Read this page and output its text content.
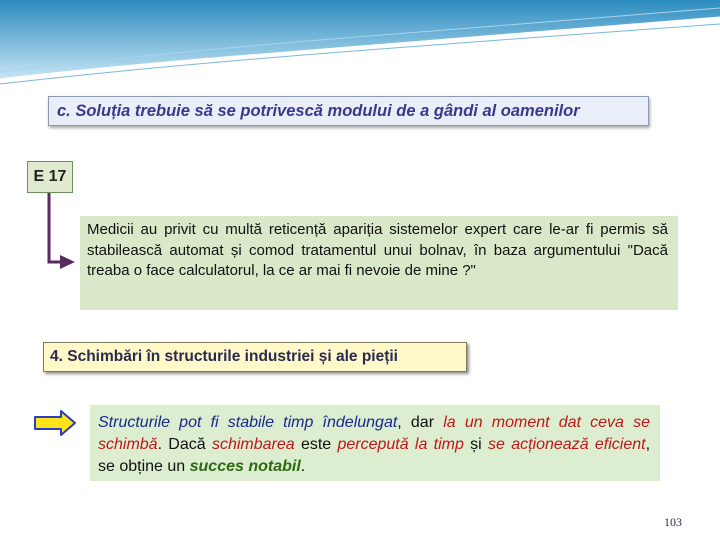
c. Soluția trebuie să se potrivescă modului de a gândi al oamenilor
E 17
Medicii au privit cu multă reticență apariția sistemelor expert care le-ar fi permis să stabilească automat și comod tratamentul unui bolnav, în baza argumentului "Dacă treaba o face calculatorul, la ce ar mai fi nevoie de mine ?"
4. Schimbări în structurile industriei și ale pieții
Structurile pot fi stabile timp îndelungat, dar la un moment dat ceva se schimbă. Dacă schimbarea este percepută la timp și se acționează eficient, se obține un succes notabil.
103
